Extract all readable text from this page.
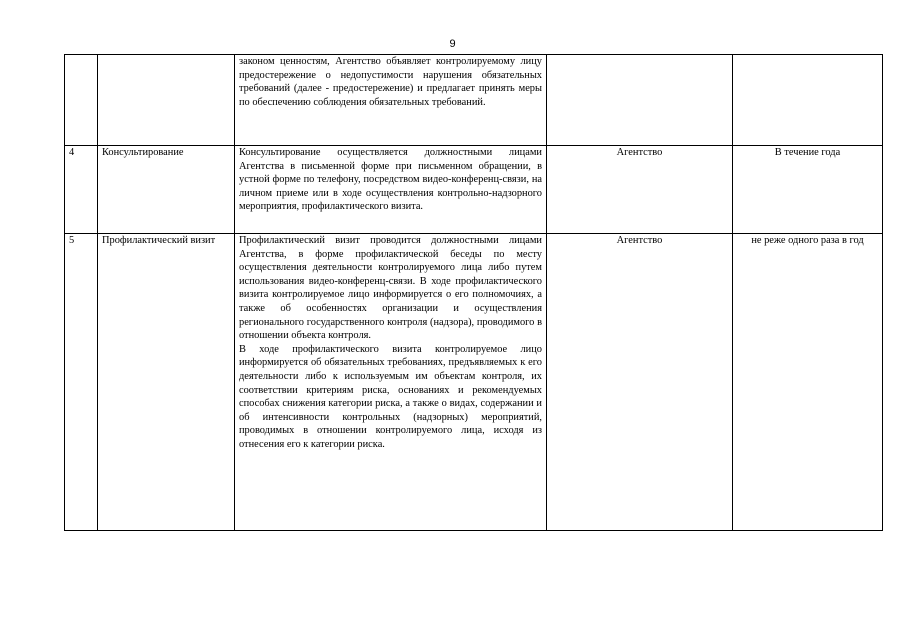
9

		законом ценностям, Агентство объявляет контролируемому лицу предостережение о недопустимости нарушения обязательных требований (далее - предостережение) и предлагает принять меры по обеспечению соблюдения обязательных требований.		

4	Консультирование	Консультирование осуществляется должностными лицами Агентства в письменной форме при письменном обращении, в устной форме по телефону, посредством видео-конференц-связи, на личном приеме или в ходе осуществления контрольно-надзорного мероприятия, профилактического визита.	Агентство	В течение года
5	Профилактический визит	Профилактический визит проводится должностными лицами Агентства, в форме профилактической беседы по месту осуществления деятельности контролируемого лица либо путем использования видео-конференц-связи. В ходе профилактического визита контролируемое лицо информируется о его полномочиях, а также об особенностях организации и осуществления регионального государственного контроля (надзора), проводимого в отношении объекта контроля.
В ходе профилактического визита контролируемое лицо информируется об обязательных требованиях, предъявляемых к его деятельности либо к используемым им объектам контроля, их соответствии критериям риска, основаниях и рекомендуемых способах снижения категории риска, а также о видах, содержании и об интенсивности контрольных (надзорных) мероприятий, проводимых в отношении контролируемого лица, исходя из отнесения его к категории риска.	Агентство	не реже одного раза в год
